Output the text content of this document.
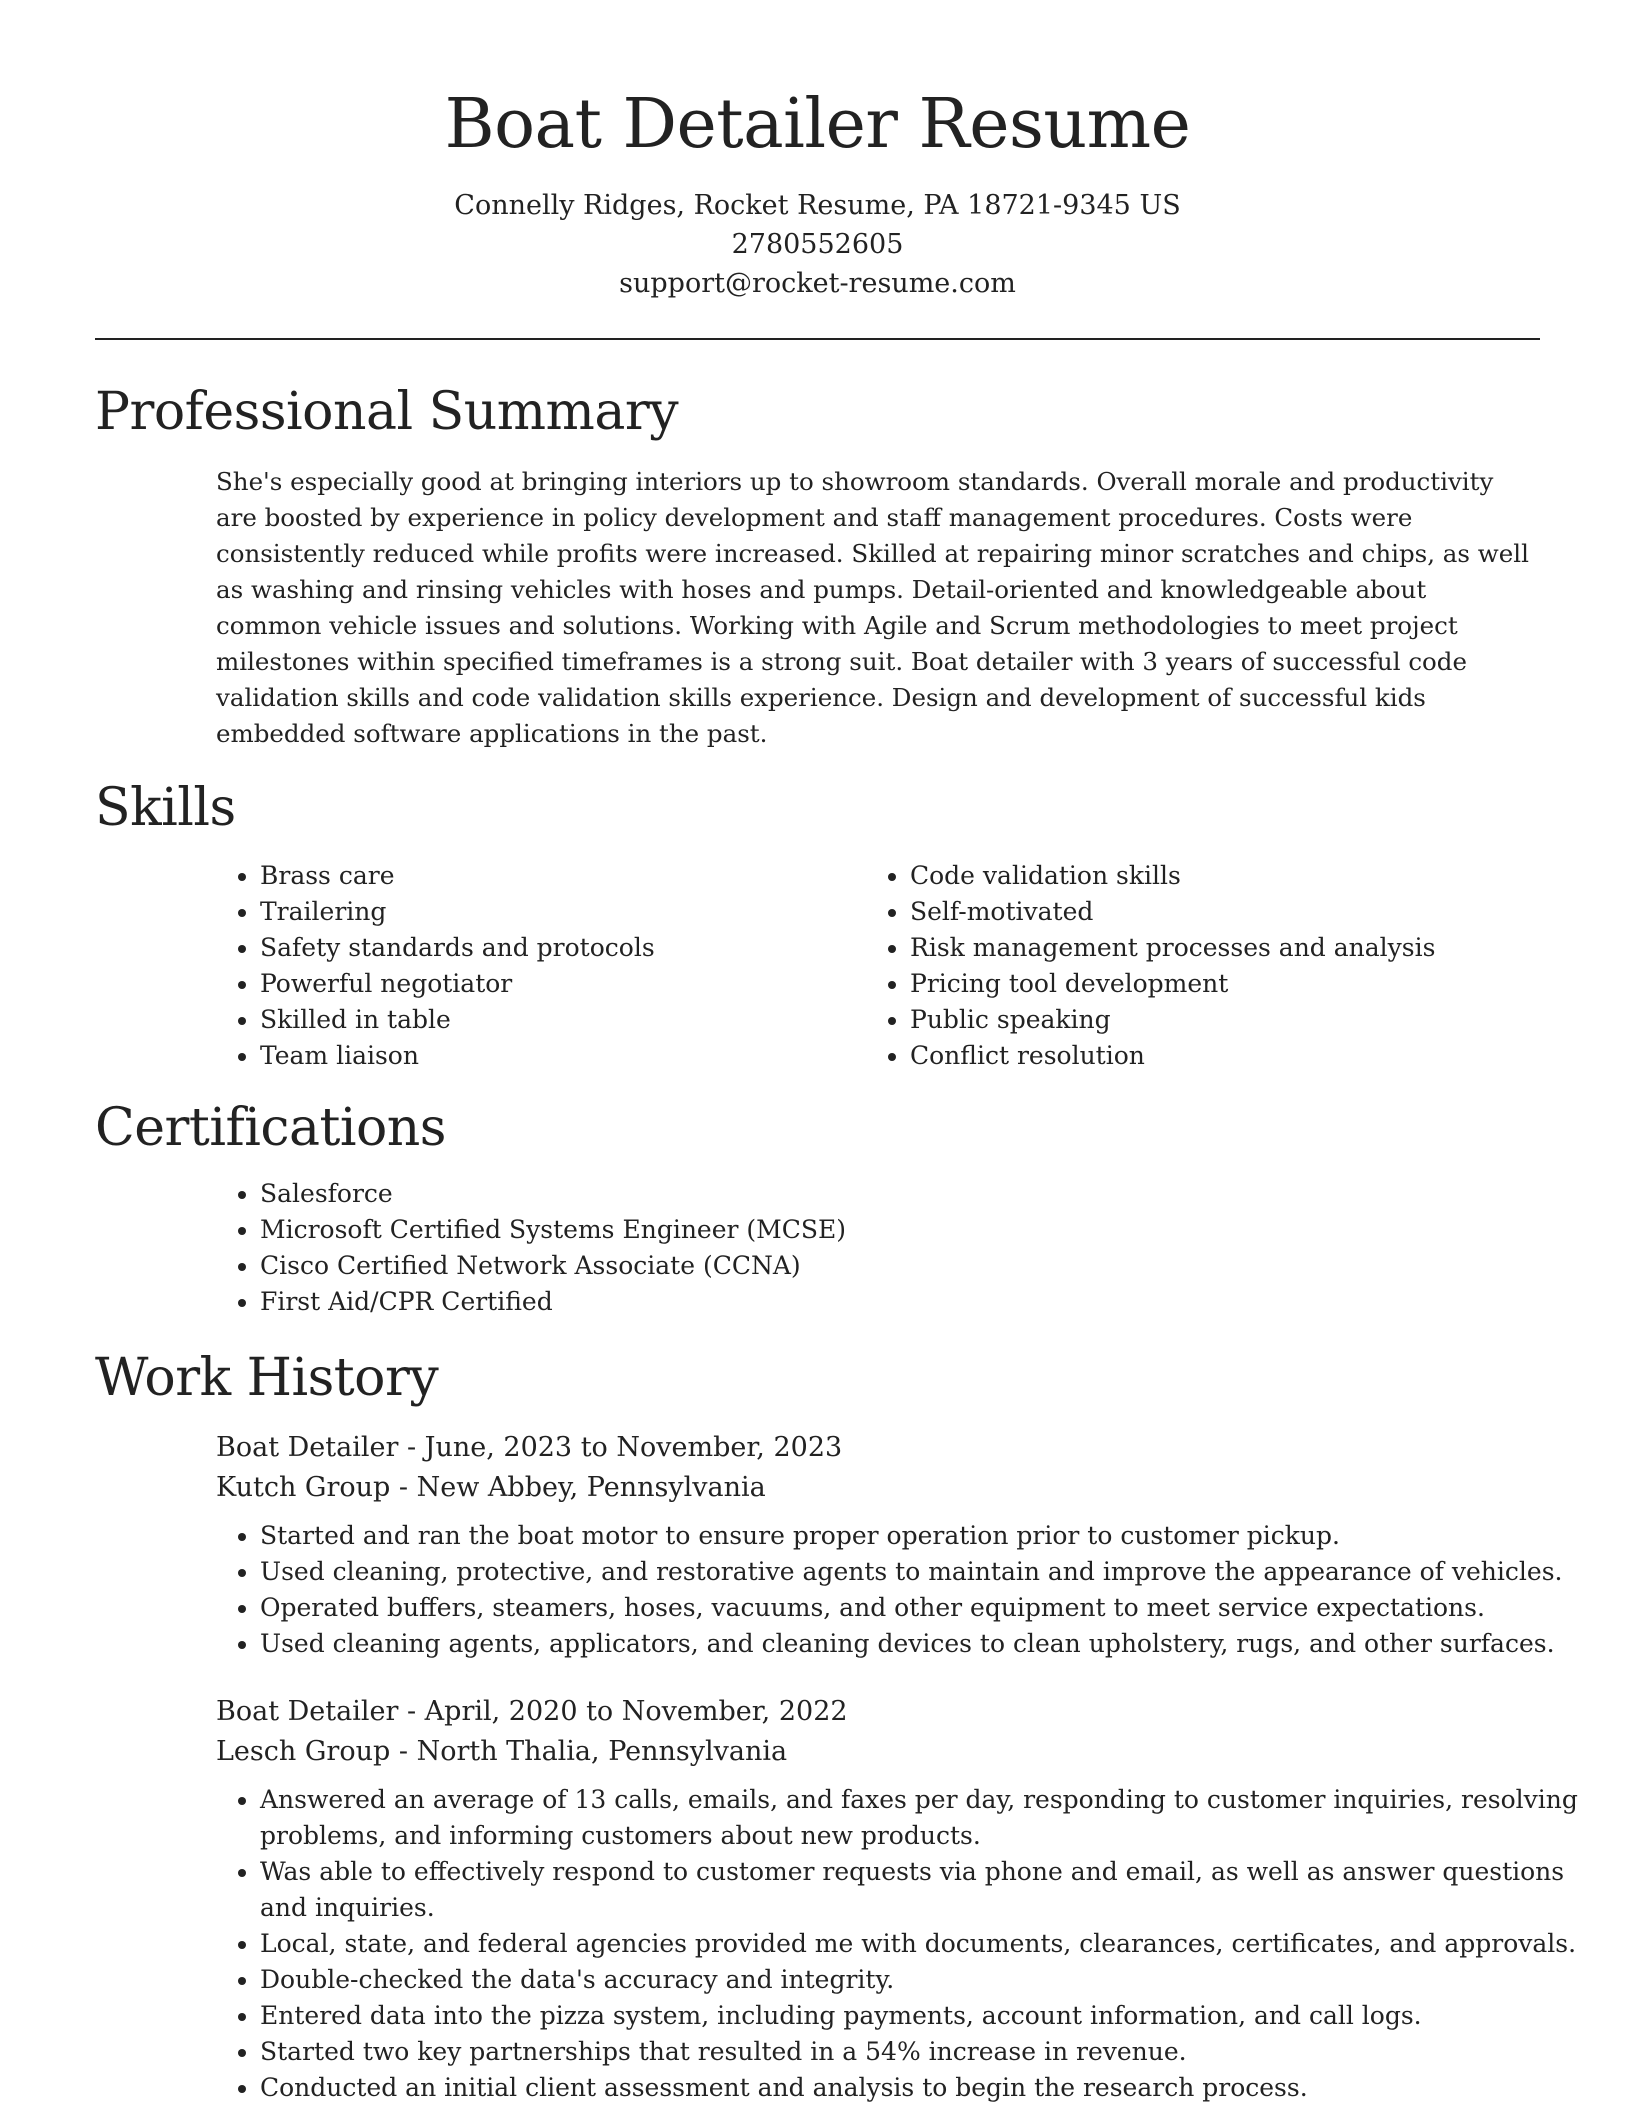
Boat Detailer Resume
Connelly Ridges, Rocket Resume, PA 18721-9345 US
2780552605
support@rocket-resume.com
Professional Summary

She's especially good at bringing interiors up to showroom standards. Overall morale and productivity are boosted by experience in policy development and staff management procedures. Costs were consistently reduced while profits were increased. Skilled at repairing minor scratches and chips, as well as washing and rinsing vehicles with hoses and pumps. Detail-oriented and knowledgeable about common vehicle issues and solutions. Working with Agile and Scrum methodologies to meet project milestones within specified timeframes is a strong suit. Boat detailer with 3 years of successful code validation skills and code validation skills experience. Design and development of successful kids embedded software applications in the past.

Skills
• Brass care
• Trailering
• Safety standards and protocols
• Powerful negotiator
• Skilled in table
• Team liaison
• Code validation skills
• Self-motivated
• Risk management processes and analysis
• Pricing tool development
• Public speaking
• Conflict resolution
Certifications
• Salesforce
• Microsoft Certified Systems Engineer (MCSE)
• Cisco Certified Network Associate (CCNA)
• First Aid/CPR Certified
Work History
Boat Detailer - June, 2023 to November, 2023
Kutch Group - New Abbey, Pennsylvania
• Started and ran the boat motor to ensure proper operation prior to customer pickup.
• Used cleaning, protective, and restorative agents to maintain and improve the appearance of vehicles.
• Operated buffers, steamers, hoses, vacuums, and other equipment to meet service expectations.
• Used cleaning agents, applicators, and cleaning devices to clean upholstery, rugs, and other surfaces.
Boat Detailer - April, 2020 to November, 2022
Lesch Group - North Thalia, Pennsylvania
• Answered an average of 13 calls, emails, and faxes per day, responding to customer inquiries, resolving problems, and informing customers about new products.
• Was able to effectively respond to customer requests via phone and email, as well as answer questions and inquiries.
• Local, state, and federal agencies provided me with documents, clearances, certificates, and approvals.
• Double-checked the data's accuracy and integrity.
• Entered data into the pizza system, including payments, account information, and call logs.
• Started two key partnerships that resulted in a 54% increase in revenue.
• Conducted an initial client assessment and analysis to begin the research process.
